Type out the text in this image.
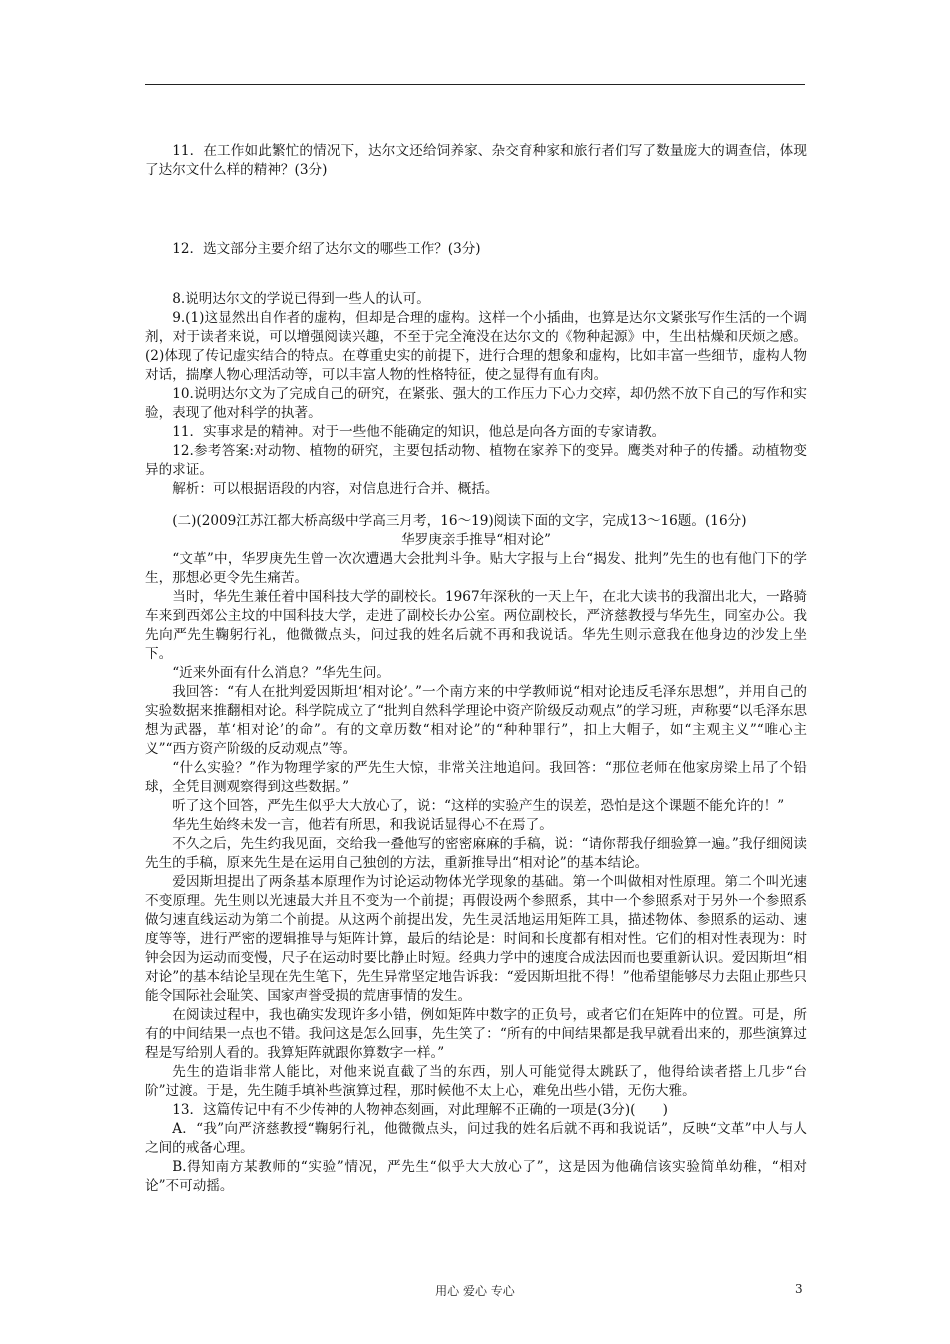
11．在工作如此繁忙的情况下，达尔文还给饲养家、杂交育种家和旅行者们写了数量庞大的调查信，体现了达尔文什么样的精神？(3分)

12．选文部分主要介绍了达尔文的哪些工作？(3分)

8.说明达尔文的学说已得到一些人的认可。

9.(1)这显然出自作者的虚构，但却是合理的虚构。这样一个小插曲，也算是达尔文紧张写作生活的一个调剂，对于读者来说，可以增强阅读兴趣，不至于完全淹没在达尔文的《物种起源》中，生出枯燥和厌烦之感。(2)体现了传记虚实结合的特点。在尊重史实的前提下，进行合理的想象和虚构，比如丰富一些细节，虚构人物对话，揣摩人物心理活动等，可以丰富人物的性格特征，使之显得有血有肉。

10.说明达尔文为了完成自己的研究，在紧张、强大的工作压力下心力交瘁，却仍然不放下自己的写作和实验，表现了他对科学的执著。

11．实事求是的精神。对于一些他不能确定的知识，他总是向各方面的专家请教。

12.参考答案:对动物、植物的研究，主要包括动物、植物在家养下的变异。鹰类对种子的传播。动植物变异的求证。

解析：可以根据语段的内容，对信息进行合并、概括。

(二)(2009江苏江都大桥高级中学高三月考，16～19)阅读下面的文字，完成13～16题。(16分)

华罗庚亲手推导“相对论”

“文革”中，华罗庚先生曾一次次遭遇大会批判斗争。贴大字报与上台“揭发、批判”先生的也有他门下的学生，那想必更令先生痛苦。

当时，华先生兼任着中国科技大学的副校长。1967年深秋的一天上午，在北大读书的我溜出北大，一路骑车来到西郊公主坟的中国科技大学，走进了副校长办公室。两位副校长，严济慈教授与华先生，同室办公。我先向严先生鞠躬行礼，他微微点头，问过我的姓名后就不再和我说话。华先生则示意我在他身边的沙发上坐下。

“近来外面有什么消息？”华先生问。

我回答：“有人在批判爱因斯坦‘相对论’。”一个南方来的中学教师说“相对论违反毛泽东思想”，并用自己的实验数据来推翻相对论。科学院成立了“批判自然科学理论中资产阶级反动观点”的学习班，声称要“以毛泽东思想为武器，革‘相对论’的命”。有的文章历数“相对论”的“种种罪行”，扣上大帽子，如“主观主义”“唯心主义”“西方资产阶级的反动观点”等。

“什么实验？”作为物理学家的严先生大惊，非常关注地追问。我回答：“那位老师在他家房梁上吊了个铅球，全凭目测观察得到这些数据。”

听了这个回答，严先生似乎大大放心了，说：“这样的实验产生的误差，恐怕是这个课题不能允许的！”

华先生始终未发一言，他若有所思，和我说话显得心不在焉了。

不久之后，先生约我见面，交给我一叠他写的密密麻麻的手稿，说：“请你帮我仔细验算一遍。”我仔细阅读先生的手稿，原来先生是在运用自己独创的方法，重新推导出“相对论”的基本结论。

爱因斯坦提出了两条基本原理作为讨论运动物体光学现象的基础。第一个叫做相对性原理。第二个叫光速不变原理。先生则以光速最大并且不变为一个前提；再假设两个参照系，其中一个参照系对于另外一个参照系做匀速直线运动为第二个前提。从这两个前提出发，先生灵活地运用矩阵工具，描述物体、参照系的运动、速度等等，进行严密的逻辑推导与矩阵计算，最后的结论是：时间和长度都有相对性。它们的相对性表现为：时钟会因为运动而变慢，尺子在运动时要比静止时短。经典力学中的速度合成法因而也要重新认识。爱因斯坦“相对论”的基本结论呈现在先生笔下，先生异常坚定地告诉我：“爱因斯坦批不得！”他希望能够尽力去阻止那些只能令国际社会耻笑、国家声誉受损的荒唐事情的发生。

在阅读过程中，我也确实发现许多小错，例如矩阵中数字的正负号，或者它们在矩阵中的位置。可是，所有的中间结果一点也不错。我问这是怎么回事，先生笑了：“所有的中间结果都是我早就看出来的，那些演算过程是写给别人看的。我算矩阵就跟你算数字一样。”

先生的造诣非常人能比，对他来说直截了当的东西，别人可能觉得太跳跃了，他得给读者搭上几步“台阶”过渡。于是，先生随手填补些演算过程，那时候他不太上心，难免出些小错，无伤大雅。

13．这篇传记中有不少传神的人物神态刻画，对此理解不正确的一项是(3分)(　　)

A．“我”向严济慈教授“鞠躬行礼，他微微点头，问过我的姓名后就不再和我说话”，反映“文革”中人与人之间的戒备心理。

B.得知南方某教师的“实验”情况，严先生“似乎大大放心了”，这是因为他确信该实验简单幼稚，“相对论”不可动摇。

用心 爱心 专心	3
